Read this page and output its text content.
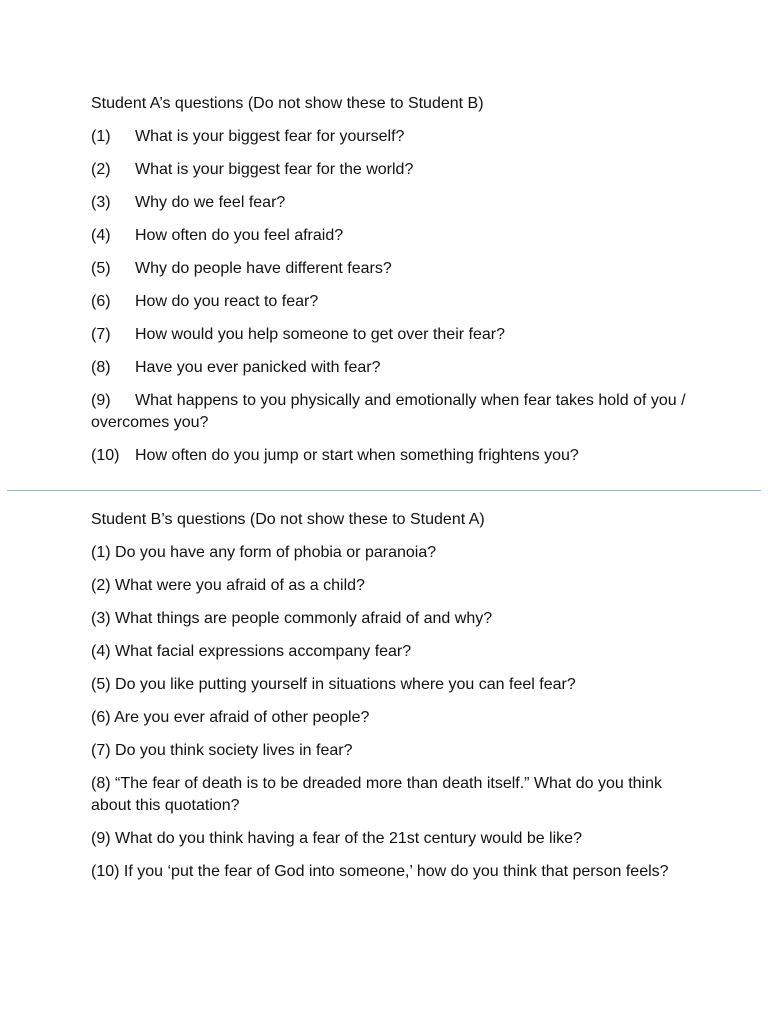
Student A’s questions (Do not show these to Student B)

(1) What is your biggest fear for yourself?
(2) What is your biggest fear for the world?
(3) Why do we feel fear?
(4) How often do you feel afraid?
(5) Why do people have different fears?
(6) How do you react to fear?
(7) How would you help someone to get over their fear?
(8) Have you ever panicked with fear?
(9) What happens to you physically and emotionally when fear takes hold of you / overcomes you?
(10) How often do you jump or start when something frightens you?

Student B’s questions (Do not show these to Student A)

(1) Do you have any form of phobia or paranoia?
(2) What were you afraid of as a child?
(3) What things are people commonly afraid of and why?
(4) What facial expressions accompany fear?
(5) Do you like putting yourself in situations where you can feel fear?
(6) Are you ever afraid of other people?
(7) Do you think society lives in fear?
(8) “The fear of death is to be dreaded more than death itself.” What do you think about this quotation?
(9) What do you think having a fear of the 21st century would be like?
(10) If you ‘put the fear of God into someone,’ how do you think that person feels?
